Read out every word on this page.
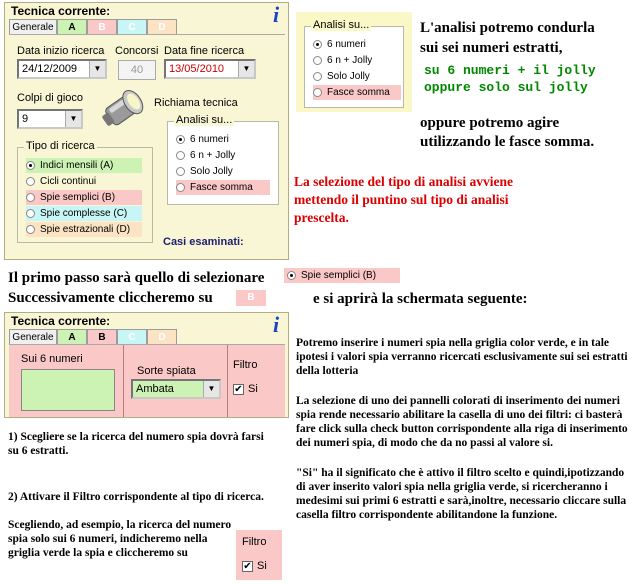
Tecnica corrente:	i
Generale	A	B	C	D
Data inizio ricerca
24/12/2009	▼
Concorsi
40
Data fine ricerca
13/05/2010	▼
Colpi di gioco
9	▼
Richiama tecnica
Tipo di ricerca
Indici mensili (A)
Cicli continui
Spie semplici (B)
Spie complesse (C)
Spie estrazionali (D)
Analisi su...
6 numeri
6 n + Jolly
Solo Jolly
Fasce somma
Casi esaminati:
Analisi su...
6 numeri
6 n + Jolly
Solo Jolly
Fasce somma
L'analisi potremo condurla
sui sei numeri estratti,
su 6 numeri + il jolly
oppure solo sul jolly
oppure potremo agire
utilizzando le fasce somma.
La selezione del tipo di analisi avviene
mettendo il puntino sul tipo di analisi
prescelta.
Il primo passo sarà quello di selezionare	Spie semplici (B)
Successivamente cliccheremo su	B	e si aprirà la schermata seguente:
Tecnica corrente:	i
Generale	A	B	C	D
Sui 6 numeri
Sorte spiata
Ambata	▼
Filtro
✔ Si
Potremo inserire i numeri spia nella griglia color verde, e in tale ipotesi i valori spia verranno ricercati esclusivamente sui sei estratti della lotteria
La selezione di uno dei pannelli colorati di inserimento dei numeri spia rende necessario abilitare la casella di uno dei filtri: ci basterà fare click sulla check button corrispondente alla riga di inserimento dei numeri spia, di modo che da no passi al valore si.
"Si" ha il significato che è attivo il filtro scelto e quindi,ipotizzando di aver inserito valori spia nella griglia verde, si ricercheranno i medesimi sui primi 6 estratti e sarà,inoltre, necessario cliccare sulla casella filtro corrispondente abilitandone la funzione.
1) Scegliere se la ricerca del numero spia dovrà farsi su 6 estratti.
2) Attivare il Filtro corrispondente al tipo di ricerca.
Scegliendo, ad esempio, la ricerca del numero spia solo sui 6 numeri, indicheremo nella griglia verde la spia e cliccheremo su
Filtro
✔ Si
